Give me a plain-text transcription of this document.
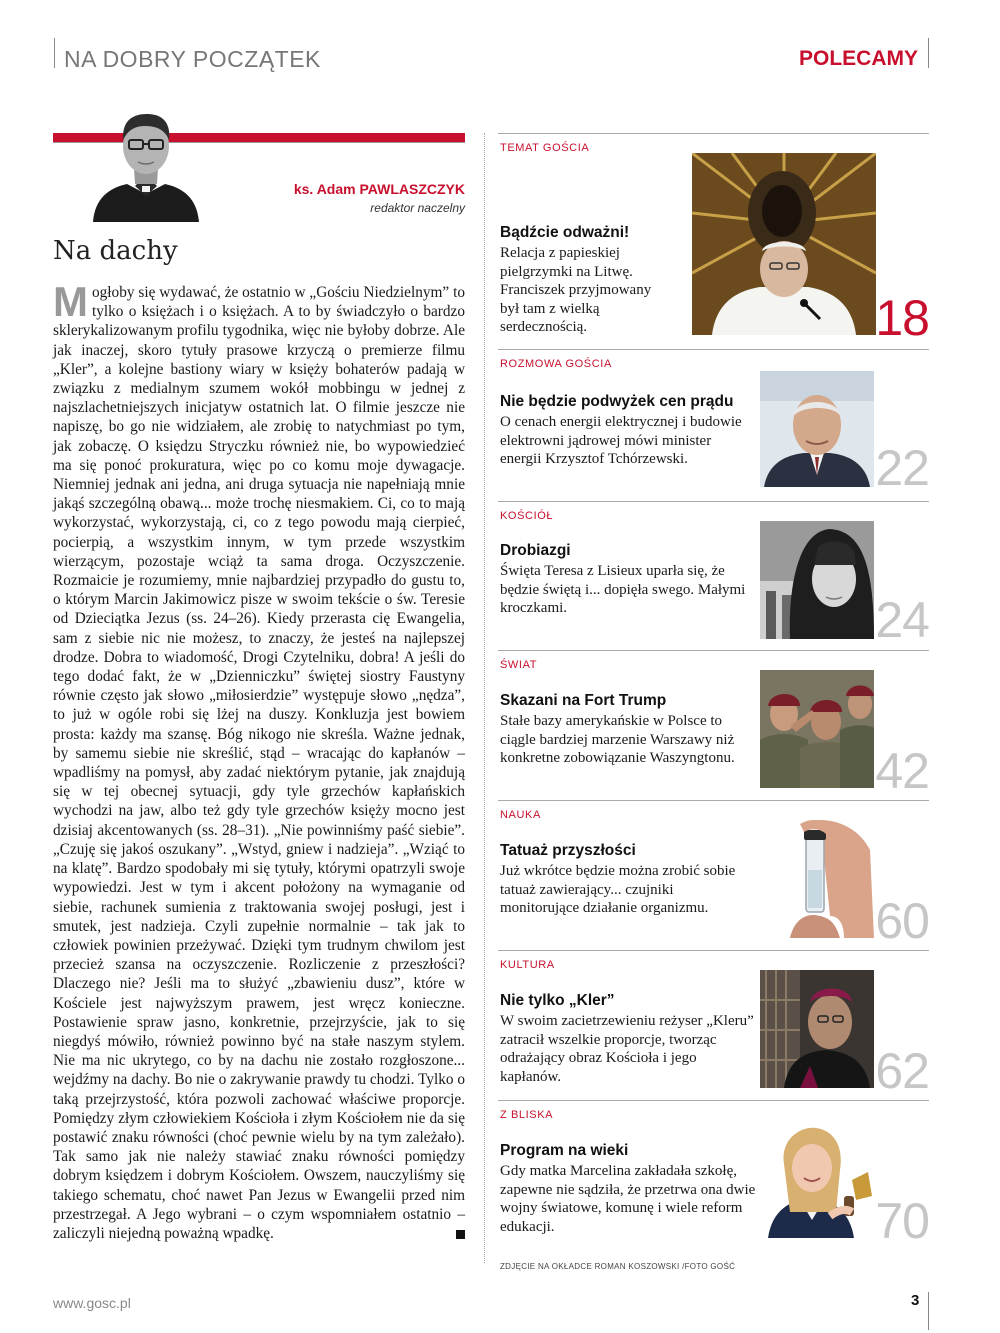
NA DOBRY POCZĄTEK	POLECAMY
ks. Adam PAWLASZCZYK
redaktor naczelny
Na dachy
Mogłoby się wydawać, że ostatnio w „Gościu Niedzielnym” to tylko o księżach i o księżach. A to by świadczyło o bardzo sklerykalizowanym profilu tygodnika, więc nie byłoby dobrze. Ale jak inaczej, skoro tytuły prasowe krzyczą o premierze filmu „Kler”, a kolejne bastiony wiary w księży bohaterów padają w związku z medialnym szumem wokół mobbingu w jednej z najszlachetniejszych inicjatyw ostatnich lat. O filmie jeszcze nie napiszę, bo go nie widziałem, ale zrobię to natychmiast po tym, jak zobaczę. O księdzu Stryczku również nie, bo wypowiedzieć ma się ponoć prokuratura, więc po co komu moje dywagacje. Niemniej jednak ani jedna, ani druga sytuacja nie napełniają mnie jakąś szczególną obawą... może trochę niesmakiem. Ci, co to mają wykorzystać, wykorzystają, ci, co z tego powodu mają cierpieć, pocierpią, a wszystkim innym, w tym przede wszystkim wierzącym, pozostaje wciąż ta sama droga. Oczyszczenie. Rozmaicie je rozumiemy, mnie najbardziej przypadło do gustu to, o którym Marcin Jakimowicz pisze w swoim tekście o św. Teresie od Dzieciątka Jezus (ss. 24–26). Kiedy przerasta cię Ewangelia, sam z siebie nic nie możesz, to znaczy, że jesteś na najlepszej drodze. Dobra to wiadomość, Drogi Czytelniku, dobra! A jeśli do tego dodać fakt, że w „Dzienniczku” świętej siostry Faustyny równie często jak słowo „miłosierdzie” występuje słowo „nędza”, to już w ogóle robi się lżej na duszy. Konkluzja jest bowiem prosta: każdy ma szansę. Bóg nikogo nie skreśla. Ważne jednak, by samemu siebie nie skreślić, stąd – wracając do kapłanów – wpadliśmy na pomysł, aby zadać niektórym pytanie, jak znajdują się w tej obecnej sytuacji, gdy tyle grzechów kapłańskich wychodzi na jaw, albo też gdy tyle grzechów księży mocno jest dzisiaj akcentowanych (ss. 28–31). „Nie powinniśmy paść siebie”. „Czuję się jakoś oszukany”. „Wstyd, gniew i nadzieja”. „Wziąć to na klatę”. Bardzo spodobały mi się tytuły, którymi opatrzyli swoje wypowiedzi. Jest w tym i akcent położony na wymaganie od siebie, rachunek sumienia z traktowania swojej posługi, jest i smutek, jest nadzieja. Czyli zupełnie normalnie – tak jak to człowiek powinien przeżywać. Dzięki tym trudnym chwilom jest przecież szansa na oczyszczenie. Rozliczenie z przeszłości? Dlaczego nie? Jeśli ma to służyć „zbawieniu dusz”, które w Kościele jest najwyższym prawem, jest wręcz konieczne. Postawienie spraw jasno, konkretnie, przejrzyście, jak to się niegdyś mówiło, również powinno być na stałe naszym stylem. Nie ma nic ukrytego, co by na dachu nie zostało rozgłoszone... wejdźmy na dachy. Bo nie o zakrywanie prawdy tu chodzi. Tylko o taką przejrzystość, która pozwoli zachować właściwe proporcje. Pomiędzy złym człowiekiem Kościoła i złym Kościołem nie da się postawić znaku równości (choć pewnie wielu by na tym zależało). Tak samo jak nie należy stawiać znaku równości pomiędzy dobrym księdzem i dobrym Kościołem. Owszem, nauczyliśmy się takiego schematu, choć nawet Pan Jezus w Ewangelii przed nim przestrzegał. A Jego wybrani – o czym wspomniałem ostatnio – zaliczyli niejedną poważną wpadkę.
TEMAT GOŚCIA
Bądźcie odważni!
Relacja z papieskiej pielgrzymki na Litwę. Franciszek przyjmowany był tam z wielką serdecznością.	18
ROZMOWA GOŚCIA
Nie będzie podwyżek cen prądu
O cenach energii elektrycznej i budowie elektrowni jądrowej mówi minister energii Krzysztof Tchórzewski.	22
KOŚCIÓŁ
Drobiazgi
Święta Teresa z Lisieux uparła się, że będzie świętą i... dopięła swego. Małymi kroczkami.	24
ŚWIAT
Skazani na Fort Trump
Stałe bazy amerykańskie w Polsce to ciągle bardziej marzenie Warszawy niż konkretne zobowiązanie Waszyngtonu.	42
NAUKA
Tatuaż przyszłości
Już wkrótce będzie można zrobić sobie tatuaż zawierający... czujniki monitorujące działanie organizmu.	60
KULTURA
Nie tylko „Kler”
W swoim zacietrzewieniu reżyser „Kleru” zatracił wszelkie proporcje, tworząc odrażający obraz Kościoła i jego kapłanów.	62
Z BLISKA
Program na wieki
Gdy matka Marcelina zakładała szkołę, zapewne nie sądziła, że przetrwa ona dwie wojny światowe, komunę i wiele reform edukacji.	70
ZDJĘCIE NA OKŁADCE ROMAN KOSZOWSKI /FOTO GOŚĆ
www.gosc.pl	3
